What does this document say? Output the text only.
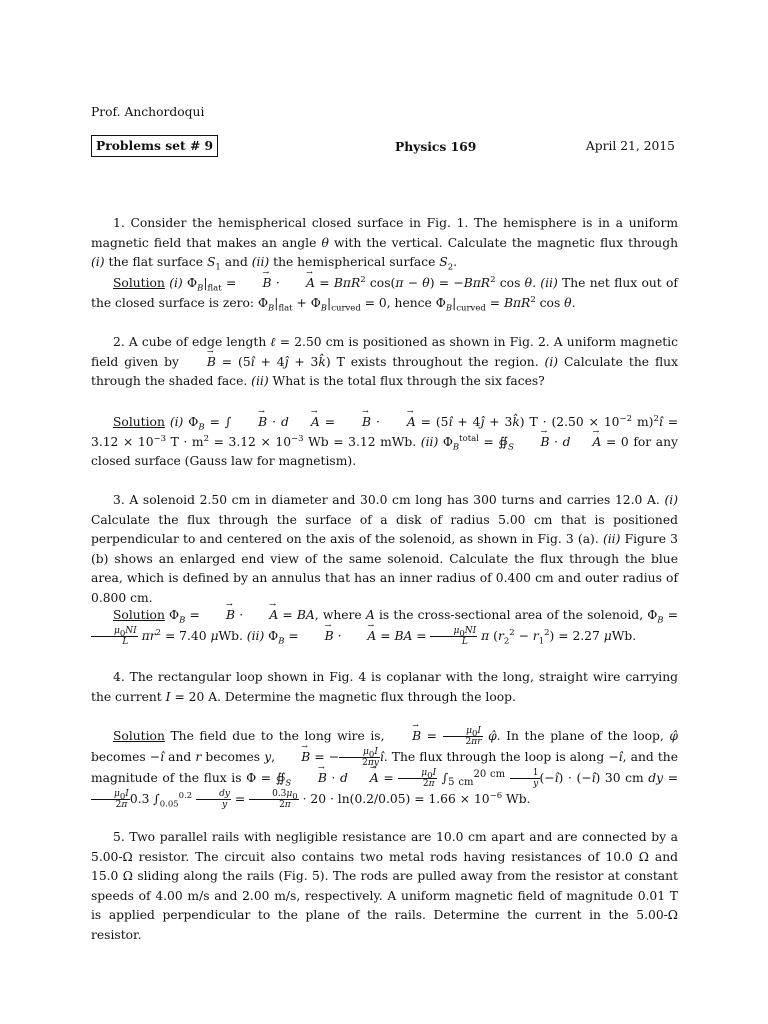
Prof. Anchordoqui
Problems set # 9	Physics 169	April 21, 2015

1. Consider the hemispherical closed surface in Fig. 1. The hemisphere is in a uniform magnetic field that makes an angle θ with the vertical. Calculate the magnetic flux through (i) the flat surface $S_1$ and (ii) the hemispherical surface $S_2$.

Solution (i) $\Phi_B|_{flat}$ = → B · → A = BπR$^2$ cos(π − θ) = −BπR$^2$ cos θ. (ii) The net flux out of the closed surface is zero: $\Phi_B|_{flat} + \Phi_B|_{curved} = 0$, hence $\Phi_B|_{curved} = B\pi R^2$ cos θ.

2. A cube of edge length ℓ = 2.50 cm is positioned as shown in Fig. 2. A uniform magnetic field given by → B = (5î + 4ĵ + 3k̂) T exists throughout the region. (i) Calculate the flux through the shaded face. (ii) What is the total flux through the six faces?

Solution (i) $\Phi_B$ = ∫ → B · d → A = → B · → A = (5î + 4ĵ + 3k̂) $T \cdot (2.50 \times 10^{-2}$ m)$^2$î = $3.12 \times 10^{-3}$ $T \cdot m^2 = 3.12 \times 10^{-3}$ Wb = 3.12 mWb. (ii) $\Phi_B^{total}$ = $∯_S \to B \cdot d \to A = 0$ for any closed surface (Gauss law for magnetism).

3. A solenoid 2.50 cm in diameter and 30.0 cm long has 300 turns and carries 12.0 A. (i) Calculate the flux through the surface of a disk of radius 5.00 cm that is positioned perpendicular to and centered on the axis of the solenoid, as shown in Fig. 3 (a). (ii) Figure 3 (b) shows an enlarged end view of the same solenoid. Calculate the flux through the blue area, which is defined by an annulus that has an inner radius of 0.400 cm and outer radius of 0.800 cm.

Solution $\Phi_B$ = → B · → A = BA, where A is the cross-sectional area of the solenoid, $\Phi_B$ =
$\frac{\mu_0NI}{L} \pi r^2 = 7.40$ μWb. (ii) $\Phi_B$ = → B · → A = BA = $\frac{\mu_0NI}{L}$ π $(r_2^2 - r_1^2) = 2.27$ μWb.

4. The rectangular loop shown in Fig. 4 is coplanar with the long, straight wire carrying the current I = 20 A. Determine the magnetic flux through the loop.

Solution The field due to the long wire is, → $B = \frac{\mu_0I}{2\pi r}$ φ̂. In the plane of the loop, φ̂ becomes −î and r becomes y, → B = − $\frac{\mu_0I}{2\pi y}$ î. The flux through the loop is along −î, and the magnitude of the flux is $\Phi = ∯_S \to B \cdot d \to A = \frac{\mu_0I}{2\pi} \int_{5 cm}^{20 cm} \frac{1}{y}$ (−î) · (−î) 30 cm dy =
$\frac{\mu_0I}{2\pi} 0.3$ $\int_{0.05}^{0.2} \frac{dy}{y} = \frac{0.3\mu_0}{2\pi} \cdot 20 \cdot \ln(0.2/0.05) = 1.66 \times 10^{-6}$ Wb.

5. Two parallel rails with negligible resistance are 10.0 cm apart and are connected by a 5.00-Ω resistor. The circuit also contains two metal rods having resistances of 10.0 Ω and 15.0 Ω sliding along the rails (Fig. 5). The rods are pulled away from the resistor at constant speeds of 4.00 m/s and 2.00 m/s, respectively. A uniform magnetic field of magnitude 0.01 T is applied perpendicular to the plane of the rails. Determine the current in the 5.00-Ω resistor.
